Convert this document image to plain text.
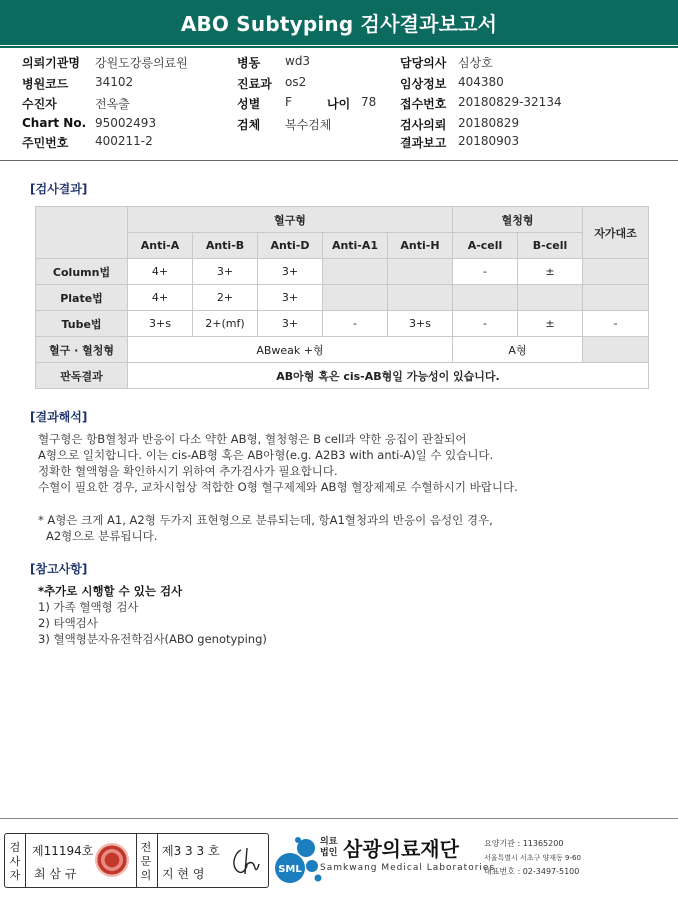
ABO Subtyping 검사결과보고서
의뢰기관명 강원도강릉의료원
병원코드 34102
수진자	전옥출
Chart No. 95002493
주민번호 400211-2
병동 wd3
진료과 os2
성별 F	나이 78
검체 복수검체
담당의사 심상호
임상정보 404380
접수번호 20180829-32134
검사의뢰 20180829
결과보고 20180903
[검사결과]
	혈구형					혈청형		자가대조
	Anti-A	Anti-B	Anti-D	Anti-A1	Anti-H	A-cell	B-cell	
Column법	4+	3+	3+			-	±	
Plate법	4+	2+	3+					
Tube법	3+s	2+(mf)	3+	-	3+s	-	±	-
혈구 · 혈청형	ABweak +형					A형		
판독결과	AB아형 혹은 cis-AB형일 가능성이 있습니다.							
[결과해석]
혈구형은 항B혈청과 반응이 다소 약한 AB형, 혈청형은 B cell과 약한 응집이 관찰되어
A형으로 일치합니다. 이는 cis-AB형 혹은 AB아형(e.g. A2B3 with anti-A)일 수 있습니다.
정확한 혈액형을 확인하시기 위하여 추가검사가 필요합니다.
수혈이 필요한 경우, 교차시험상 적합한 O형 혈구제제와 AB형 혈장제제로 수혈하시기 바랍니다.
* A형은 크게 A1, A2형 두가지 표현형으로 분류되는데, 항A1혈청과의 반응이 음성인 경우,
A2형으로 분류됩니다.
[참고사항]
*추가로 시행할 수 있는 검사
1) 가족 혈액형 검사
2) 타액검사
3) 혈액형분자유전학검사(ABO genotyping)
검
사
자
제11194호
최 삼 규
전
문
의
제3 3 3 호
지 현 영	SML
의료
법인 삼광의료재단
Samkwang Medical Laboratories
요양기관 : 11365200
서울특별시 서초구 양재동 9-60
대표번호 : 02-3497-5100
